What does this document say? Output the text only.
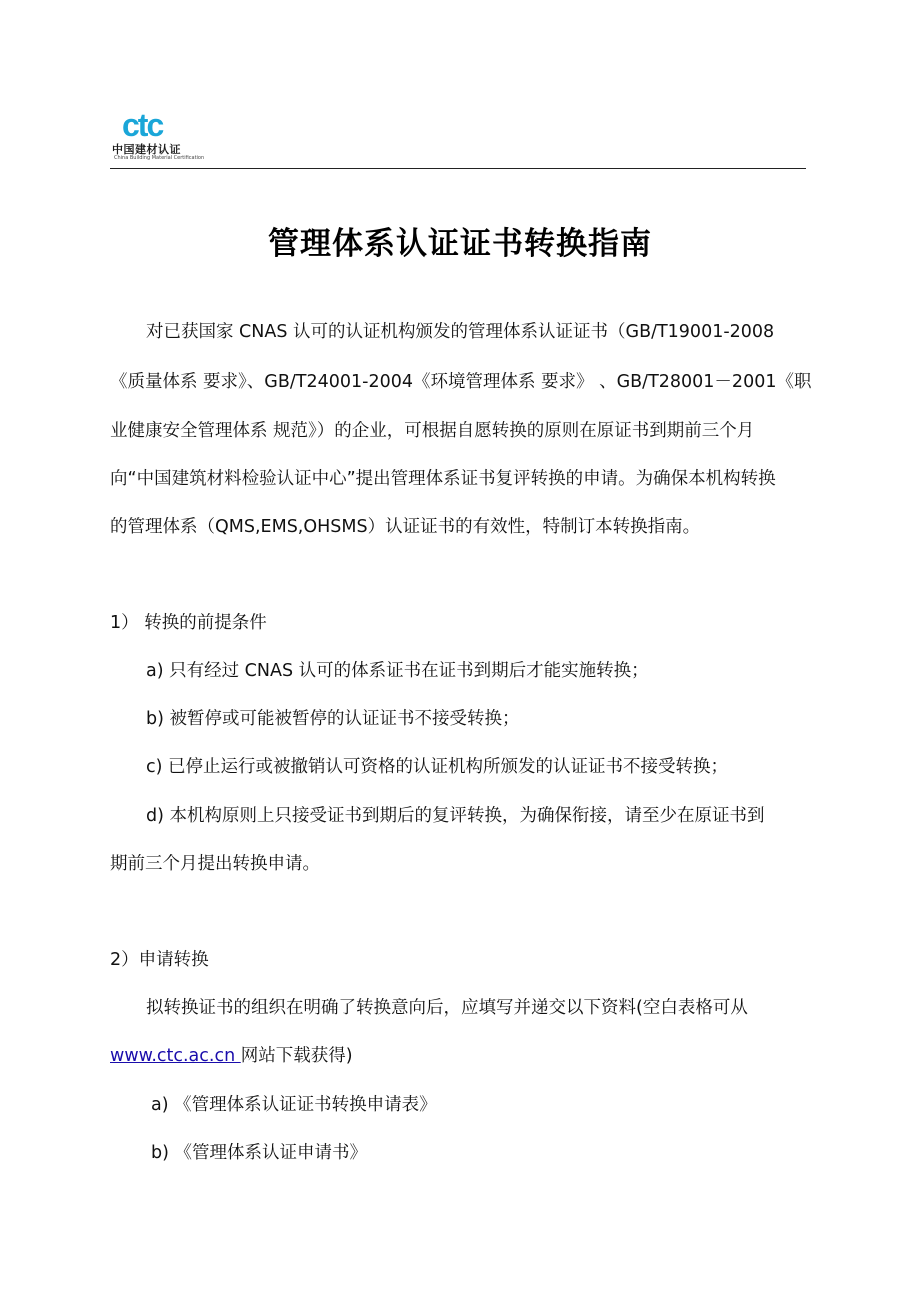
ctc
中国建材认证
China Building Material Certification
管理体系认证证书转换指南
对已获国家 CNAS 认可的认证机构颁发的管理体系认证证书（GB/T19001-2008
《质量体系 要求》、GB/T24001-2004《环境管理体系 要求》 、GB/T28001－2001《职
业健康安全管理体系 规范》）的企业，可根据自愿转换的原则在原证书到期前三个月
向“中国建筑材料检验认证中心”提出管理体系证书复评转换的申请。为确保本机构转换
的管理体系（QMS,EMS,OHSMS）认证证书的有效性，特制订本转换指南。
1） 转换的前提条件
a) 只有经过 CNAS 认可的体系证书在证书到期后才能实施转换；
b) 被暂停或可能被暂停的认证证书不接受转换；
c) 已停止运行或被撤销认可资格的认证机构所颁发的认证证书不接受转换；
d) 本机构原则上只接受证书到期后的复评转换，为确保衔接，请至少在原证书到
期前三个月提出转换申请。
2）申请转换
拟转换证书的组织在明确了转换意向后，应填写并递交以下资料(空白表格可从
www.ctc.ac.cn 网站下载获得)
a) 《管理体系认证证书转换申请表》
b) 《管理体系认证申请书》
